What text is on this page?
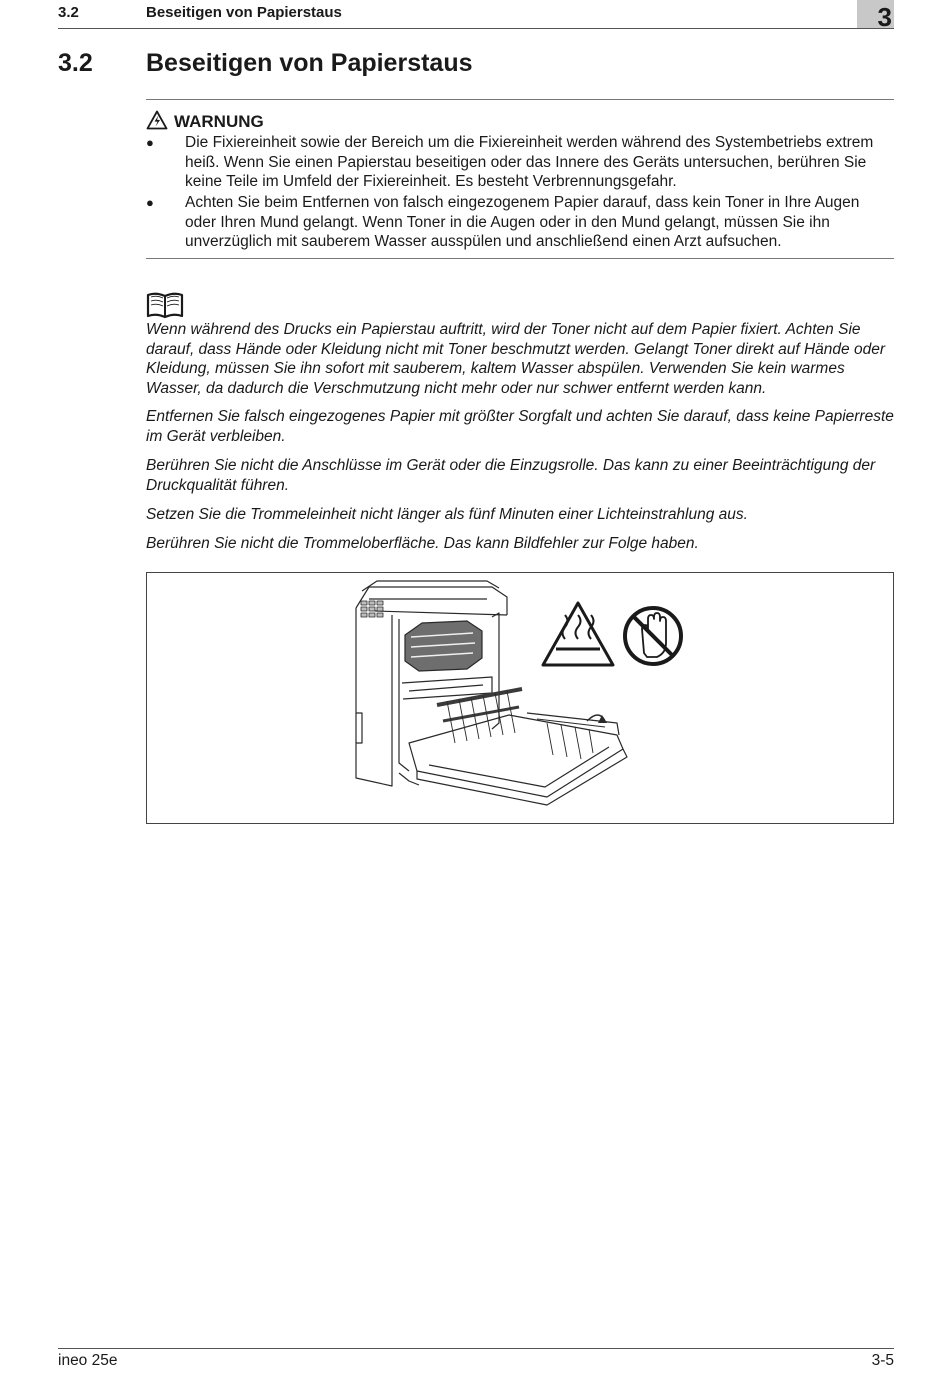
3.2	Beseitigen von Papierstaus	3
3.2 Beseitigen von Papierstaus
WARNUNG
● Die Fixiereinheit sowie der Bereich um die Fixiereinheit werden während des Systembetriebs extrem heiß. Wenn Sie einen Papierstau beseitigen oder das Innere des Geräts untersuchen, berühren Sie keine Teile im Umfeld der Fixiereinheit. Es besteht Verbrennungsgefahr.
● Achten Sie beim Entfernen von falsch eingezogenem Papier darauf, dass kein Toner in Ihre Augen oder Ihren Mund gelangt. Wenn Toner in die Augen oder in den Mund gelangt, müssen Sie ihn unverzüglich mit sauberem Wasser ausspülen und anschließend einen Arzt aufsuchen.

Wenn während des Drucks ein Papierstau auftritt, wird der Toner nicht auf dem Papier fixiert. Achten Sie darauf, dass Hände oder Kleidung nicht mit Toner beschmutzt werden. Gelangt Toner direkt auf Hände oder Kleidung, müssen Sie ihn sofort mit sauberem, kaltem Wasser abspülen. Verwenden Sie kein warmes Wasser, da dadurch die Verschmutzung nicht mehr oder nur schwer entfernt werden kann.

Entfernen Sie falsch eingezogenes Papier mit größter Sorgfalt und achten Sie darauf, dass keine Papierreste im Gerät verbleiben.

Berühren Sie nicht die Anschlüsse im Gerät oder die Einzugsrolle. Das kann zu einer Beeinträchtigung der Druckqualität führen.

Setzen Sie die Trommeleinheit nicht länger als fünf Minuten einer Lichteinstrahlung aus.

Berühren Sie nicht die Trommeloberfläche. Das kann Bildfehler zur Folge haben.

ineo 25e	3-5
